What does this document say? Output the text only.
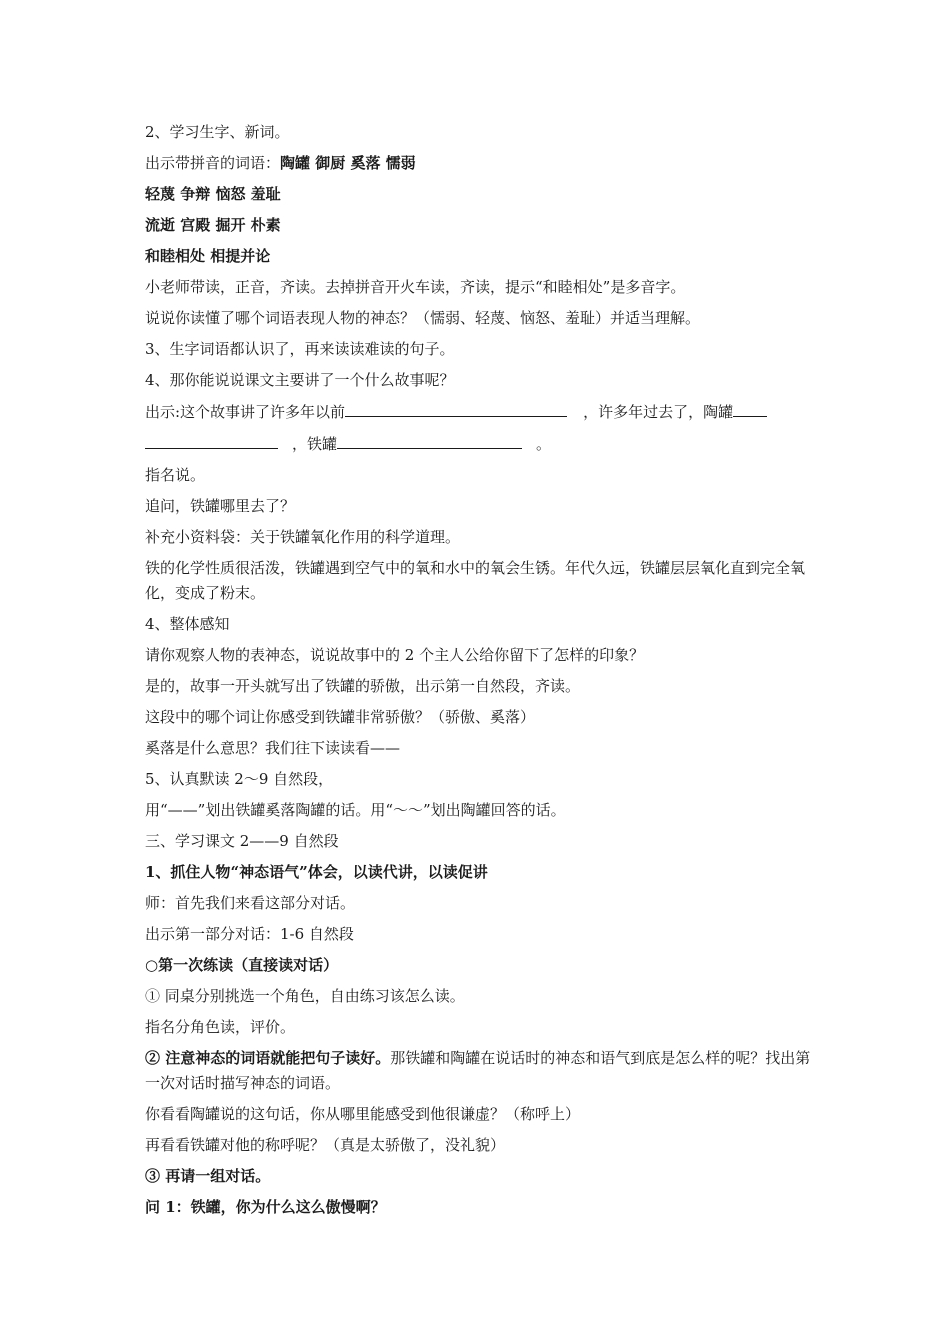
2、学习生字、新词。
出示带拼音的词语：陶罐 御厨 奚落 懦弱
轻蔑 争辩 恼怒 羞耻
流逝 宫殿 掘开 朴素
和睦相处 相提并论
小老师带读，正音，齐读。去掉拼音开火车读，齐读，提示“和睦相处”是多音字。
说说你读懂了哪个词语表现人物的神态？（懦弱、轻蔑、恼怒、羞耻）并适当理解。
3、生字词语都认识了，再来读读难读的句子。
4、那你能说说课文主要讲了一个什么故事呢？
出示:这个故事讲了许多年以前	，许多年过去了，陶罐
，铁罐	。
指名说。
追问，铁罐哪里去了？
补充小资料袋：关于铁罐氧化作用的科学道理。
铁的化学性质很活泼，铁罐遇到空气中的氧和水中的氧会生锈。年代久远，铁罐层层氧化直到完全氧化，变成了粉末。
4、整体感知
请你观察人物的表神态，说说故事中的 2 个主人公给你留下了怎样的印象？
是的，故事一开头就写出了铁罐的骄傲，出示第一自然段，齐读。
这段中的哪个词让你感受到铁罐非常骄傲？（骄傲、奚落）
奚落是什么意思？我们往下读读看——
5、认真默读 2～9 自然段，
用“——”划出铁罐奚落陶罐的话。用“～～”划出陶罐回答的话。
三、学习课文 2——9 自然段
1、抓住人物“神态语气”体会，以读代讲，以读促讲
师：首先我们来看这部分对话。
出示第一部分对话：1-6 自然段
○第一次练读（直接读对话）
① 同桌分别挑选一个角色，自由练习该怎么读。
指名分角色读，评价。
② 注意神态的词语就能把句子读好。那铁罐和陶罐在说话时的神态和语气到底是怎么样的呢？找出第一次对话时描写神态的词语。
你看看陶罐说的这句话，你从哪里能感受到他很谦虚？（称呼上）
再看看铁罐对他的称呼呢？（真是太骄傲了，没礼貌）
③ 再请一组对话。
问 1：铁罐，你为什么这么傲慢啊？
